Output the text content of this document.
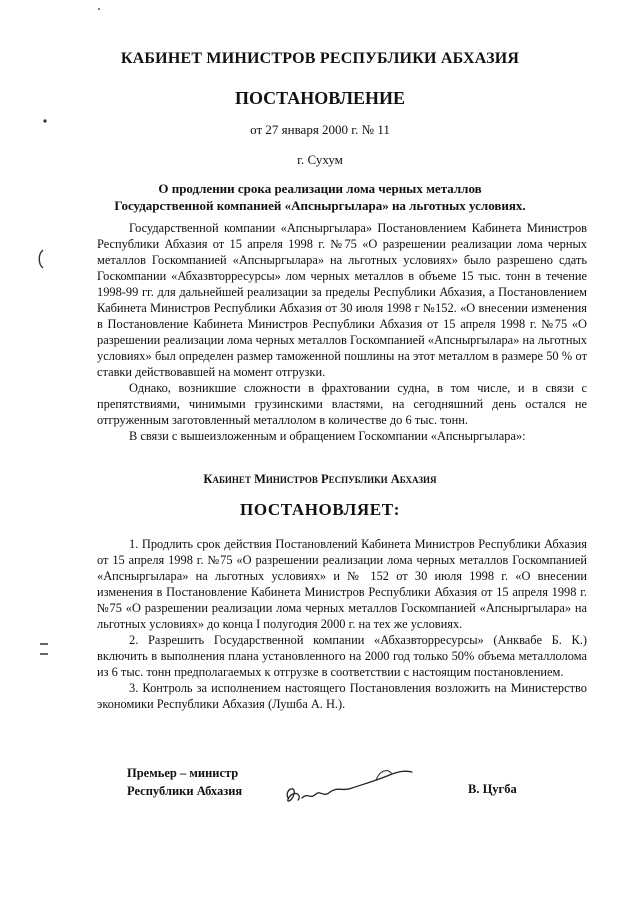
КАБИНЕТ МИНИСТРОВ РЕСПУБЛИКИ АБХАЗИЯ
ПОСТАНОВЛЕНИЕ
от 27 января 2000 г. № 11
г. Сухум
О продлении срока реализации лома черных металлов
Государственной компанией «Апсныргылара» на льготных условиях.

Государственной компании «Апсныргылара» Постановлением Кабинета Министров Республики Абхазия от 15 апреля 1998 г. №75 «О разрешении реализации лома черных металлов Госкомпанией «Апсныргылара» на льготных условиях» было разрешено сдать Госкомпании «Абхазвторресурсы» лом черных металлов в объеме 15 тыс. тонн в течение 1998-99 гг. для дальнейшей реализации за пределы Республики Абхазия, а Постановлением Кабинета Министров Республики Абхазия от 30 июля 1998 г №152. «О внесении изменения в Постановление Кабинета Министров Республики Абхазия от 15 апреля 1998 г. №75 «О разрешении реализации лома черных металлов Госкомпанией «Апсныргылара» на льготных условиях» был определен размер таможенной пошлины на этот металлом в размере 50 % от ставки действовавшей на момент отгрузки.

Однако, возникшие сложности в фрахтовании судна, в том числе, и в связи с препятствиями, чинимыми грузинскими властями, на сегодняшний день остался не отгруженным заготовленный металлолом в количестве до 6 тыс. тонн.

В связи с вышеизложенным и обращением Госкомпании «Апсныргылара»:

Кабинет Министров Республики Абхазия
ПОСТАНОВЛЯЕТ:

1. Продлить срок действия Постановлений Кабинета Министров Республики Абхазия от 15 апреля 1998 г. №75 «О разрешении реализации лома черных металлов Госкомпанией «Апсныргылара» на льготных условиях» и № 152 от 30 июля 1998 г. «О внесении изменения в Постановление Кабинета Министров Республики Абхазия от 15 апреля 1998 г. №75 «О разрешении реализации лома черных металлов Госкомпанией «Апсныргылара» на льготных условиях» до конца I полугодия 2000 г. на тех же условиях.

2. Разрешить Государственной компании «Абхазвторресурсы» (Анквабе Б. К.) включить в выполнения плана установленного на 2000 год только 50% объема металлолома из 6 тыс. тонн предполагаемых к отгрузке в соответствии с настоящим постановлением.

3. Контроль за исполнением настоящего Постановления возложить на Министерство экономики Республики Абхазия (Лушба А. Н.).

Премьер – министр
Республики Абхазия	В. Цугба
